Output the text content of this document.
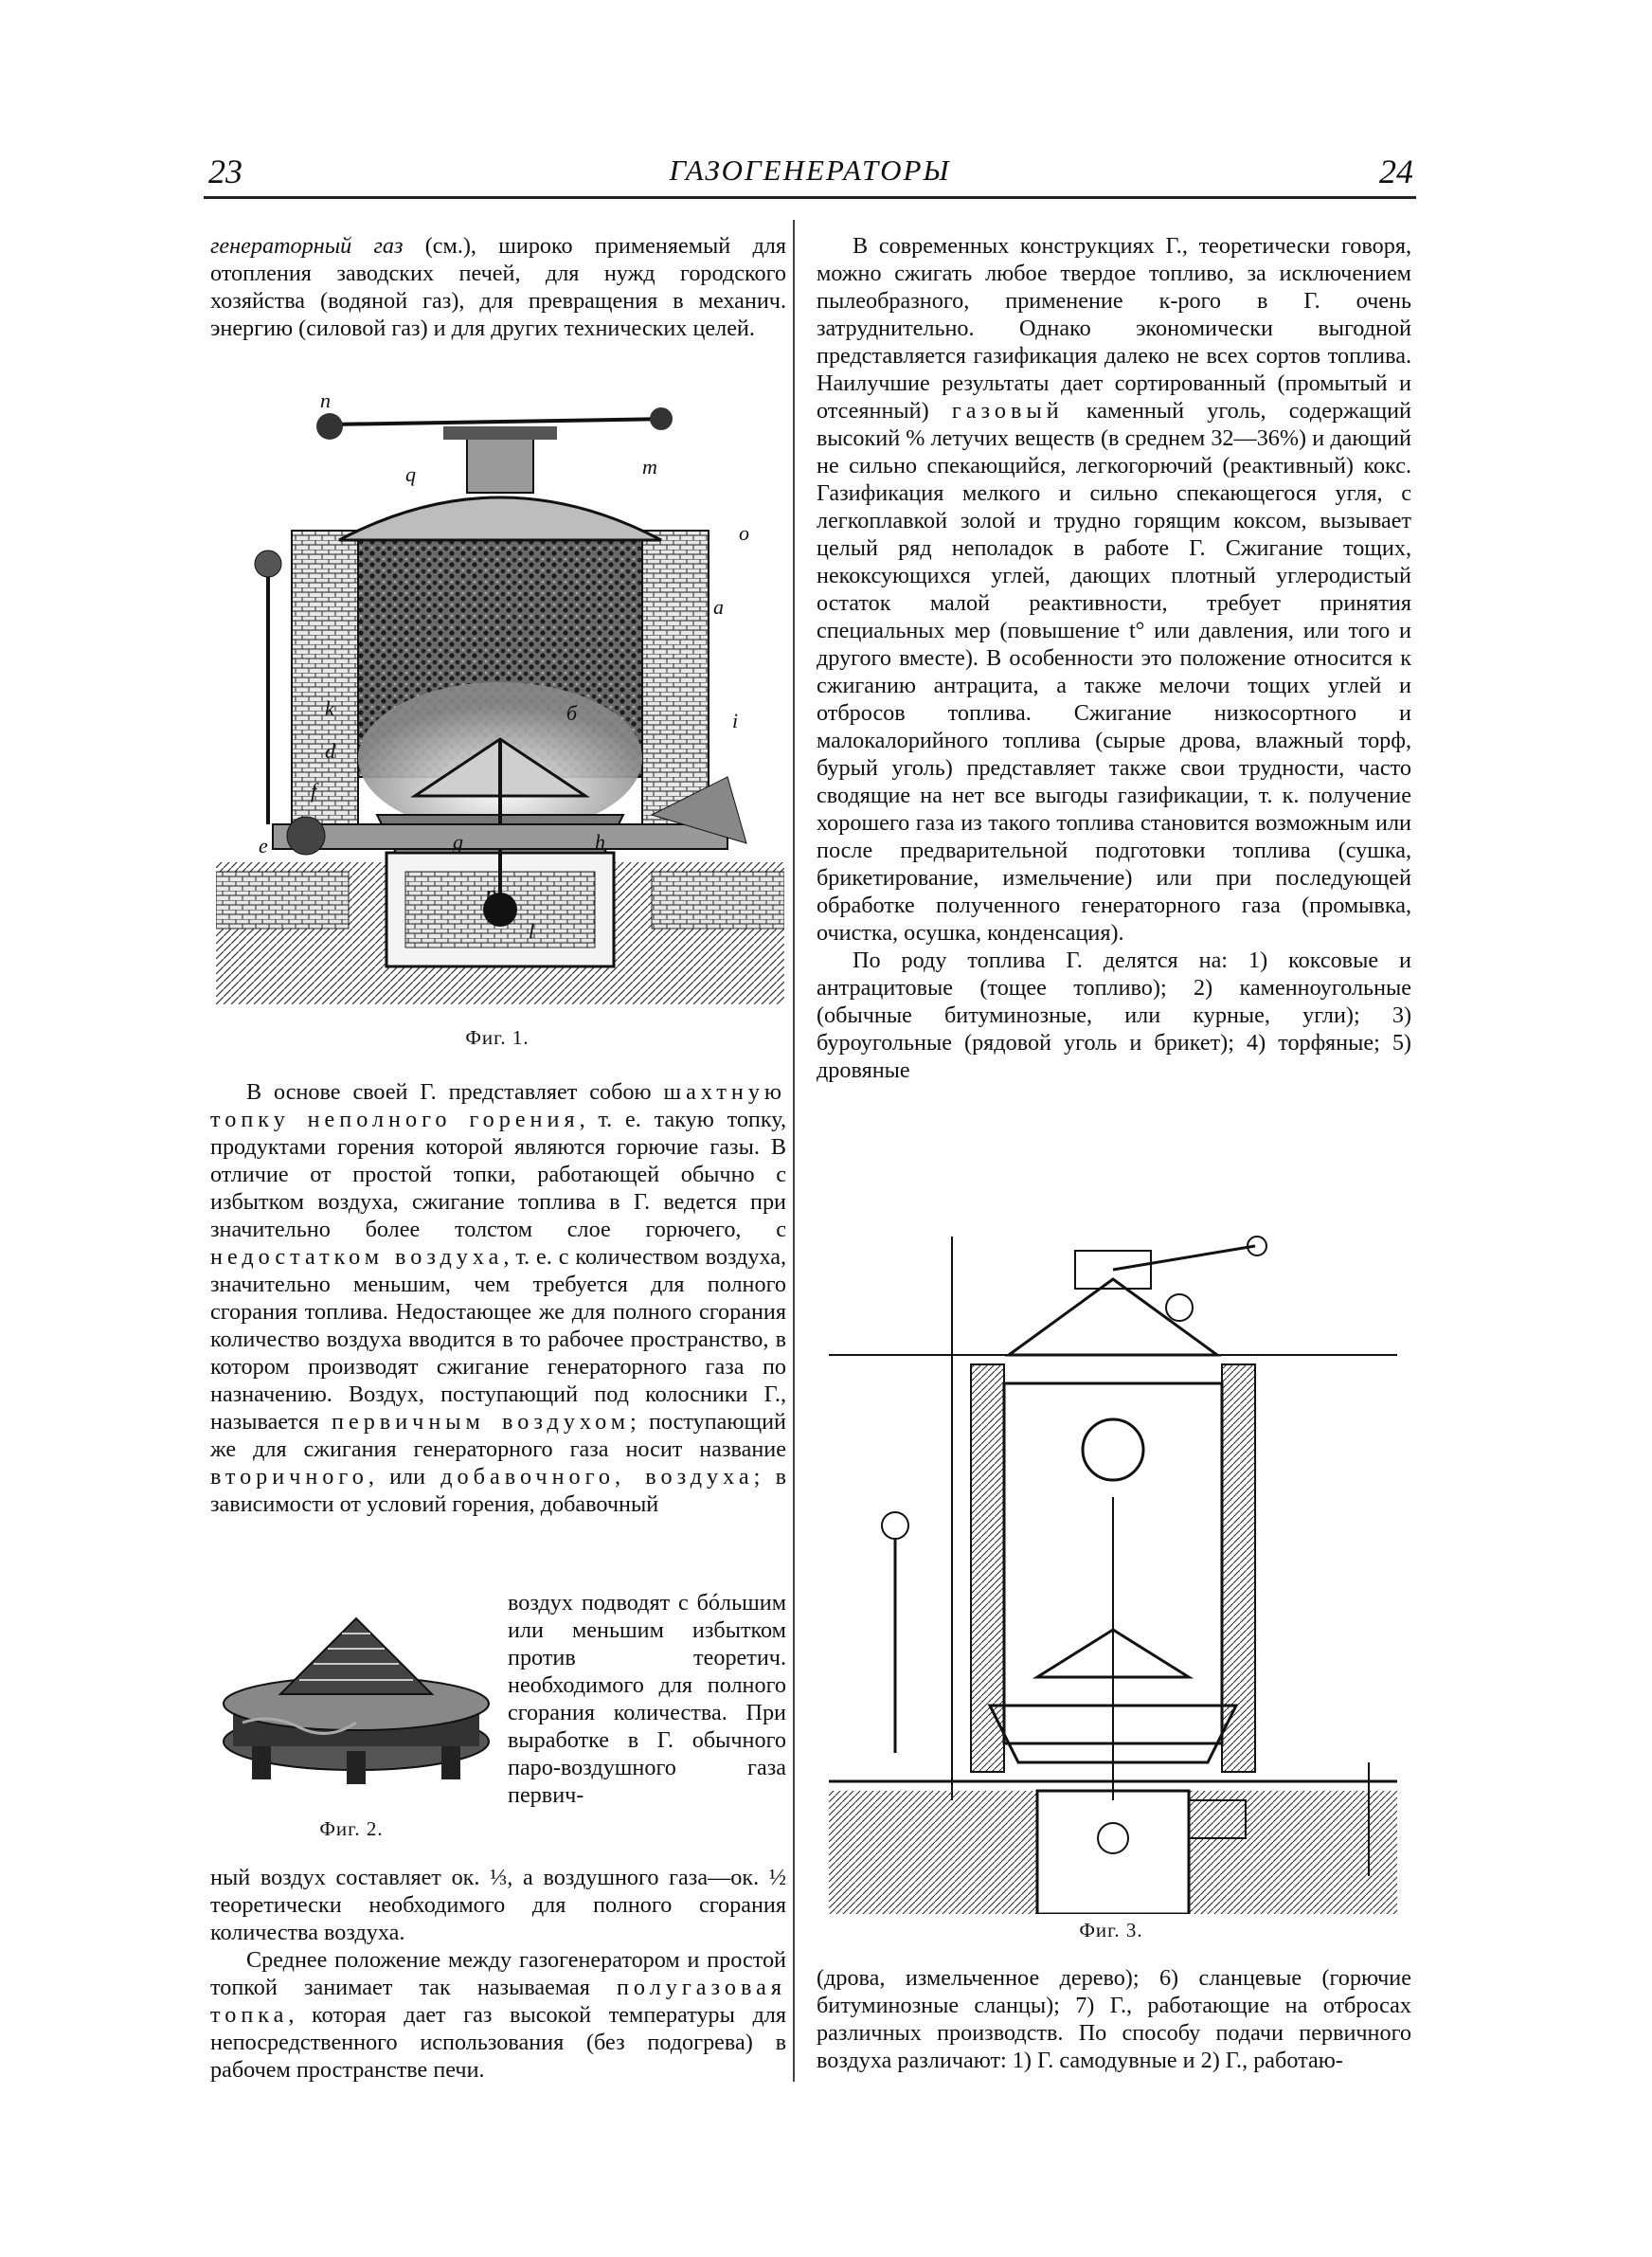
23	ГАЗОГЕНЕРАТОРЫ	24

генераторный газ (см.), широко применяемый для отопления заводских печей, для нужд городского хозяйства (водяной газ), для превращения в механич. энергию (силовой газ) и для других технических целей.

n
q	m
o
a
k	б	i
d
f
e	g	h
p
l
Фиг. 1.

В основе своей Г. представляет собою шахтную топку неполного горения, т. е. такую топку, продуктами горения которой являются горючие газы. В отличие от простой топки, работающей обычно с избытком воздуха, сжигание топлива в Г. ведется при значительно более толстом слое горючего, с недостатком воздуха, т. е. с количеством воздуха, значительно меньшим, чем требуется для полного сгорания топлива. Недостающее же для полного сгорания количество воздуха вводится в то рабочее пространство, в котором производят сжигание генераторного газа по назначению. Воздух, поступающий под колосники Г., называется первичным воздухом; поступающий же для сжигания генераторного газа носит название вторичного, или добавочного, воздуха; в зависимости от условий горения, добавочный

Фиг. 2.

воздух подводят с бóльшим или меньшим избытком против теоретич. необходимого для полного сгорания количества. При выработке в Г. обычного паро-воздушного газа первич-

ный воздух составляет ок. ⅓, а воздушного газа—ок. ½ теоретически необходимого для полного сгорания количества воздуха.

Среднее положение между газогенератором и простой топкой занимает так называемая полугазовая топка, которая дает газ высокой температуры для непосредственного использования (без подогрева) в рабочем пространстве печи.

В современных конструкциях Г., теоретически говоря, можно сжигать любое твердое топливо, за исключением пылеобразного, применение к-рого в Г. очень затруднительно. Однако экономически выгодной представляется газификация далеко не всех сортов топлива. Наилучшие результаты дает сортированный (промытый и отсеянный) газовый каменный уголь, содержащий высокий % летучих веществ (в среднем 32—36%) и дающий не сильно спекающийся, легкогорючий (реактивный) кокс. Газификация мелкого и сильно спекающегося угля, с легкоплавкой золой и трудно горящим коксом, вызывает целый ряд неполадок в работе Г. Сжигание тощих, некоксующихся углей, дающих плотный углеродистый остаток малой реактивности, требует принятия специальных мер (повышение t° или давления, или того и другого вместе). В особенности это положение относится к сжиганию антрацита, а также мелочи тощих углей и отбросов топлива. Сжигание низкосортного и малокалорийного топлива (сырые дрова, влажный торф, бурый уголь) представляет также свои трудности, часто сводящие на нет все выгоды газификации, т. к. получение хорошего газа из такого топлива становится возможным или после предварительной подготовки топлива (сушка, брикетирование, измельчение) или при последующей обработке полученного генераторного газа (промывка, очистка, осушка, конденсация).

По роду топлива Г. делятся на: 1) коксовые и антрацитовые (тощее топливо); 2) каменноугольные (обычные битуминозные, или курные, угли); 3) буроугольные (рядовой уголь и брикет); 4) торфяные; 5) дровяные

Фиг. 3.

(дрова, измельченное дерево); 6) сланцевые (горючие битуминозные сланцы); 7) Г., работающие на отбросах различных производств. По способу подачи первичного воздуха различают: 1) Г. самодувные и 2) Г., работаю-
